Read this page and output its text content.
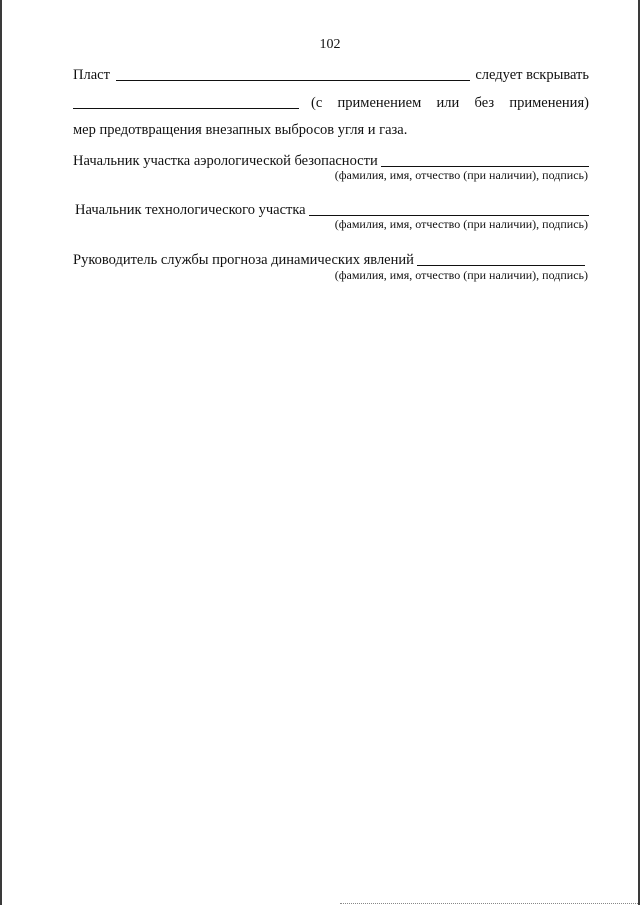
102
Пласт	следует вскрывать
(с применением или без применения)
мер предотвращения внезапных выбросов угля и газа.
Начальник участка аэрологической безопасности
(фамилия, имя, отчество (при наличии), подпись)
Начальник технологического участка
(фамилия, имя, отчество (при наличии), подпись)
Руководитель службы прогноза динамических явлений
(фамилия, имя, отчество (при наличии), подпись)
